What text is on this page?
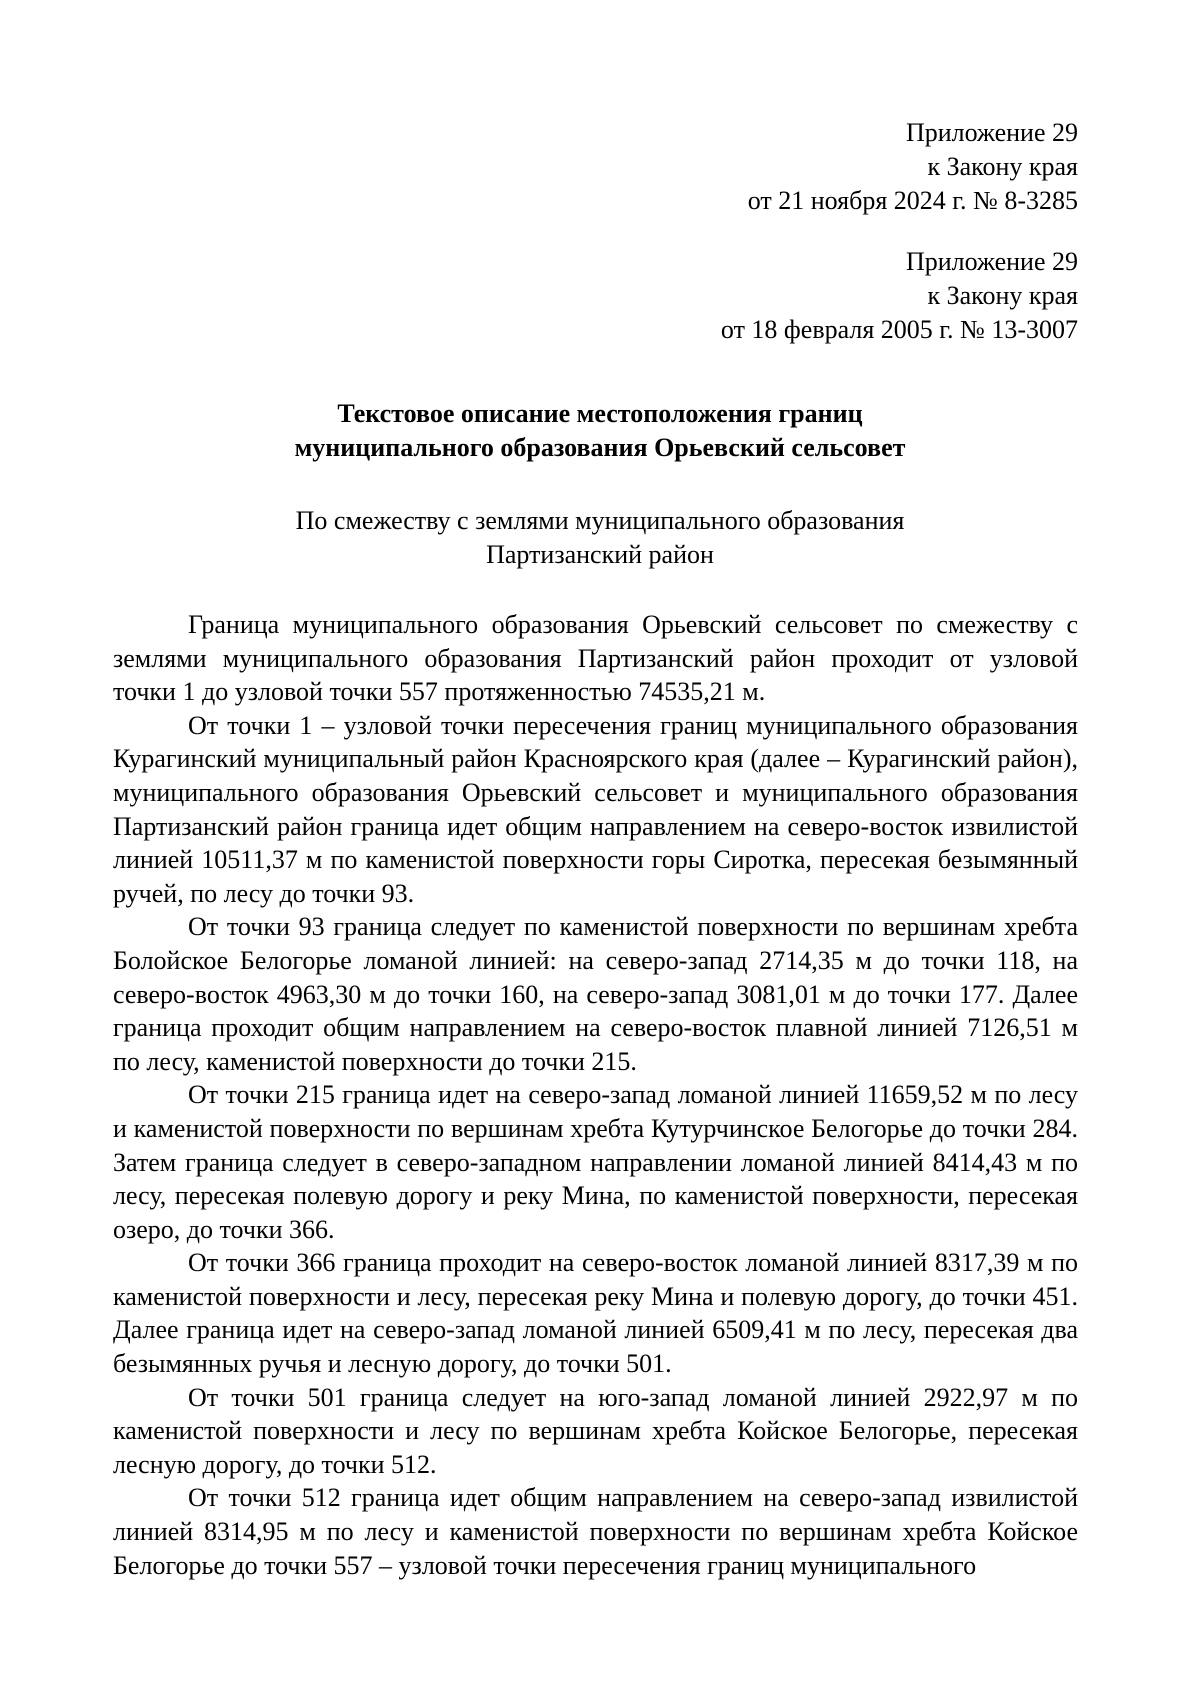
Приложение 29
к Закону края
от 21 ноября 2024 г. № 8-3285
Приложение 29
к Закону края
от 18 февраля 2005 г. № 13-3007
Текстовое описание местоположения границ
муниципального образования Орьевский сельсовет
По смежеству с землями муниципального образования
Партизанский район

Граница муниципального образования Орьевский сельсовет по смежеству с землями муниципального образования Партизанский район проходит от узловой точки 1 до узловой точки 557 протяженностью 74535,21 м.

От точки 1 – узловой точки пересечения границ муниципального образования Курагинский муниципальный район Красноярского края (далее – Курагинский район), муниципального образования Орьевский сельсовет и муниципального образования Партизанский район граница идет общим направлением на северо-восток извилистой линией 10511,37 м по каменистой поверхности горы Сиротка, пересекая безымянный ручей, по лесу до точки 93.

От точки 93 граница следует по каменистой поверхности по вершинам хребта Болойское Белогорье ломаной линией: на северо-запад 2714,35 м до точки 118, на северо-восток 4963,30 м до точки 160, на северо-запад 3081,01 м до точки 177. Далее граница проходит общим направлением на северо-восток плавной линией 7126,51 м по лесу, каменистой поверхности до точки 215.

От точки 215 граница идет на северо-запад ломаной линией 11659,52 м по лесу и каменистой поверхности по вершинам хребта Кутурчинское Белогорье до точки 284. Затем граница следует в северо-западном направлении ломаной линией 8414,43 м по лесу, пересекая полевую дорогу и реку Мина, по каменистой поверхности, пересекая озеро, до точки 366.

От точки 366 граница проходит на северо-восток ломаной линией 8317,39 м по каменистой поверхности и лесу, пересекая реку Мина и полевую дорогу, до точки 451. Далее граница идет на северо-запад ломаной линией 6509,41 м по лесу, пересекая два безымянных ручья и лесную дорогу, до точки 501.

От точки 501 граница следует на юго-запад ломаной линией 2922,97 м по каменистой поверхности и лесу по вершинам хребта Койское Белогорье, пересекая лесную дорогу, до точки 512.

От точки 512 граница идет общим направлением на северо-запад извилистой линией 8314,95 м по лесу и каменистой поверхности по вершинам хребта Койское Белогорье до точки 557 – узловой точки пересечения границ муниципального
